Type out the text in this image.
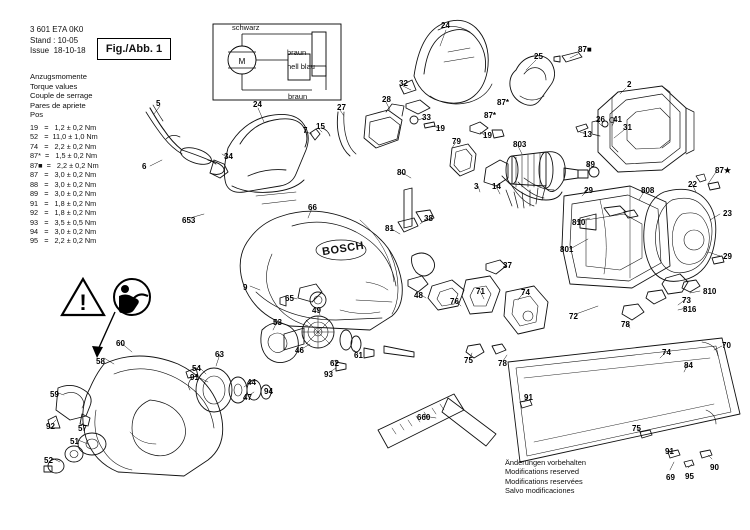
3 601 E7A 0K0
Stand : 10-05
Issue 18-10-18 Fig./Abb. 1
Anzugsmomente
Torque values
Couple de serrage
Pares de apriete
Pos
19   =   1,2 ± 0,2 Nm
52   =  11,0 ± 1,0 Nm
74   =   2,2 ± 0,2 Nm
87*  =   1,5 ± 0,2 Nm
87■  =   2,2 ± 0,2 Nm
87   =   3,0 ± 0,2 Nm
88   =   3,0 ± 0,2 Nm
89   =   3,0 ± 0,2 Nm
91   =   1,8 ± 0,2 Nm
92   =   1,8 ± 0,2 Nm
93   =   3,5 ± 0,5 Nm
94   =   3,0 ± 0,2 Nm
95   =   2,2 ± 0,2 Nm
!
M
schwarz
braun
hell blau
braun
BOSCH
5	24
24
25
87■
32	2
87*
87*	26 41
31
13
27
28
33
7 15	19
19
79	803
89
6
34
80
14
3
87★
29	808
22
653
66
38
81
810
23
801
29
37
9
65
49
48	71	74
76
72
73
810
816
78
53
60
58
63
54
46
61
62
93
75	78
74
84
70
91
44
47
94
59
92	57
51
52
660
91
75
91
90
69 95
Änderungen vorbehalten
Modifications reserved
Modifications reservées
Salvo modificaciones
